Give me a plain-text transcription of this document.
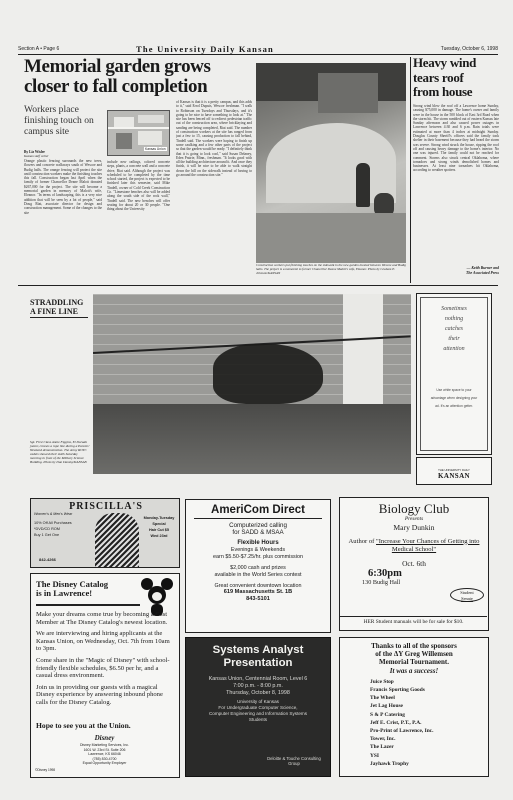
Section A • Page 6	The University Daily Kansan	Tuesday, October 6, 1998
Memorial garden grows
closer to fall completion
Workers place finishing touch on campus site
By Liz Wisler
Kansan staff writer
Orange plastic fencing surrounds the new trees, flowers and concrete walkways south of Wescoe and Budig halls. The orange fencing will protect the site until construction workers make the finishing touches this fall. Construction began last April when the family of former Chancellor Deane Malott donated $267,000 for the project. The site will become a memorial garden in memory of Malott's wife, Eleanor. "In terms of landscaping, this is a very nice addition that will be seen by a lot of people," said Doug Riat, associate director for design and construction management. Some of the changes to the site
Kansas Union
include new railings, colored concrete steps, plants, a concrete wall and a concrete drive, Riat said. Although the project was scheduled to be completed by the time school started, the project is expected to be finished later this semester, said Mike Tindell, owner of Cold Creek Construction Co. "Limestone benches also will be added along the south side of the rock wall," Tindell said. The new benches will offer seating for about 20 or 30 people. "One thing about the University
of Kansas is that it is a pretty campus, and this adds to it," said Errol Dupuis, Wescoe freshman. "I walk to Robinson on Tuesdays and Thursdays, and it's going to be nice to have something to look at." The site has been fenced off to redirect pedestrian traffic out of the construction area, where bricklaying and sanding are being completed, Riat said. The number of construction workers at the site has ranged from just a few to 15, causing production to fall behind, Tindell said. The workers were hoping to finish up some caulking and a few other parts of the project so that the garden would be ready. "I definitely think that it is going to look cool," said Susan Delaney, Eden Prairie, Minn., freshman. "It looks good with all the building architecture around it. And once they finish, it will be nice to be able to walk straight down the hill on the sidewalk instead of having to go around the construction site."
Construction workers put finishing touches on the sidewalk in the new garden located between Wescoe and Budig halls. The project is a memorial to former Chancellor Deane Malott's wife, Eleanor. Photo by Graham E. Johnson/KANSAN
Heavy wind
tears roof
from house
Strong wind blew the roof off a Lawrence home Sunday, causing $75,000 in damage. The home's owner and family were in the house in the 500 block of East 3rd Road when the storm hit. The storm rumbled out of eastern Kansas late Sunday afternoon and also caused power outages in Lawrence between 4:30 and 6 p.m. Rain totals were estimated at more than 4 inches at midnight Sunday. Douglas County Sheriff's officers said the family took shelter in their basement because they had heard the storm was severe. Strong wind struck the house, ripping the roof off and causing heavy damage to the home's interior. No one was injured. The family could not be reached for comment. Storms also struck central Oklahoma, where tornadoes and strong winds demolished homes and businesses. At least nine tornadoes hit Oklahoma, according to weather spotters.
— Keith Burner and
The Associated Press
STRADDLING
A FINE LINE
Sgt. First Class Annie Figgins, El Dorado junior, crosses a rope line during a Parents' Weekend demonstration. The Army ROTC cadets showed their skills Saturday morning in front of the Military Science Building. Photo by Dan Dansky/KANSAN
Sometimes
nothing
catches
their
attention
Use white space to your
advantage when designing your
ad. It's an attention getter.
THE UNIVERSITY DAILY
KANSAN
PRISCILLA'S
Women's & Men's Wear
10% Off All Purchases
*DVD/CD ROM
Buy 1 Get One
842-4266
Monday-Tuesday
Special
Hair Cut $5
Wed 23rd
AmeriCom Direct
Computerized calling
for SADD & MSAA
Flexible Hours
Evenings & Weekends
earn $5.50-$7.25/hr. plus commission
$2,000 cash and prizes
available in the World Series contest
Great convenient downtown location
619 Massachusetts St. 1B
843-5101
Biology Club
Presents
Mary Dunkin
Author of "Increase Your Chances of Getting into Medical School"
Oct. 6th
6:30pm
130 Budig Hall
Student
Senate
HER Student manuals will be for sale for $10.
The Disney Catalog
is in Lawrence!

Make your dreams come true by becoming a Cast Member at The Disney Catalog's newest location.

We are interviewing and hiring applicants at the Kansas Union, on Wednesday, Oct. 7th from 10am to 3pm.

Come share in the "Magic of Disney" with school-friendly flexible schedules, $6.50 per hr, and a casual dress environment.

Join us in providing our guests with a magical Disney experience by answering inbound phone calls for the Disney Catalog.

Hope to see you at the Union.
Disney
Disney Marketing Services, Inc.
1601 W. 23rd St. Suite 206
Lawrence, KS 66046
(785) 830-4700
Equal Opportunity Employer
©Disney 1998
Systems Analyst
Presentation
Kansas Union, Centennial Room, Level 6
7:00 p.m. - 8:00 p.m.
Thursday, October 8, 1998
University of Kansas
For Undergraduate Computer Science,
Computer Engineering and Information Systems
Students
Deloitte & Touche Consulting Group
Thanks to all of the sponsors
of the ΔY Greg Willemsen
Memorial Tournament.
It was a success!
Juice Stop
Francis Sporting Goods
The Wheel
Jet Lag House
S & P Catering
Jeff E. Crist, P.T., P.A.
Pro-Print of Lawrence, Inc.
Tower, Inc.
The Lazer
YSI
Jayhawk Trophy
